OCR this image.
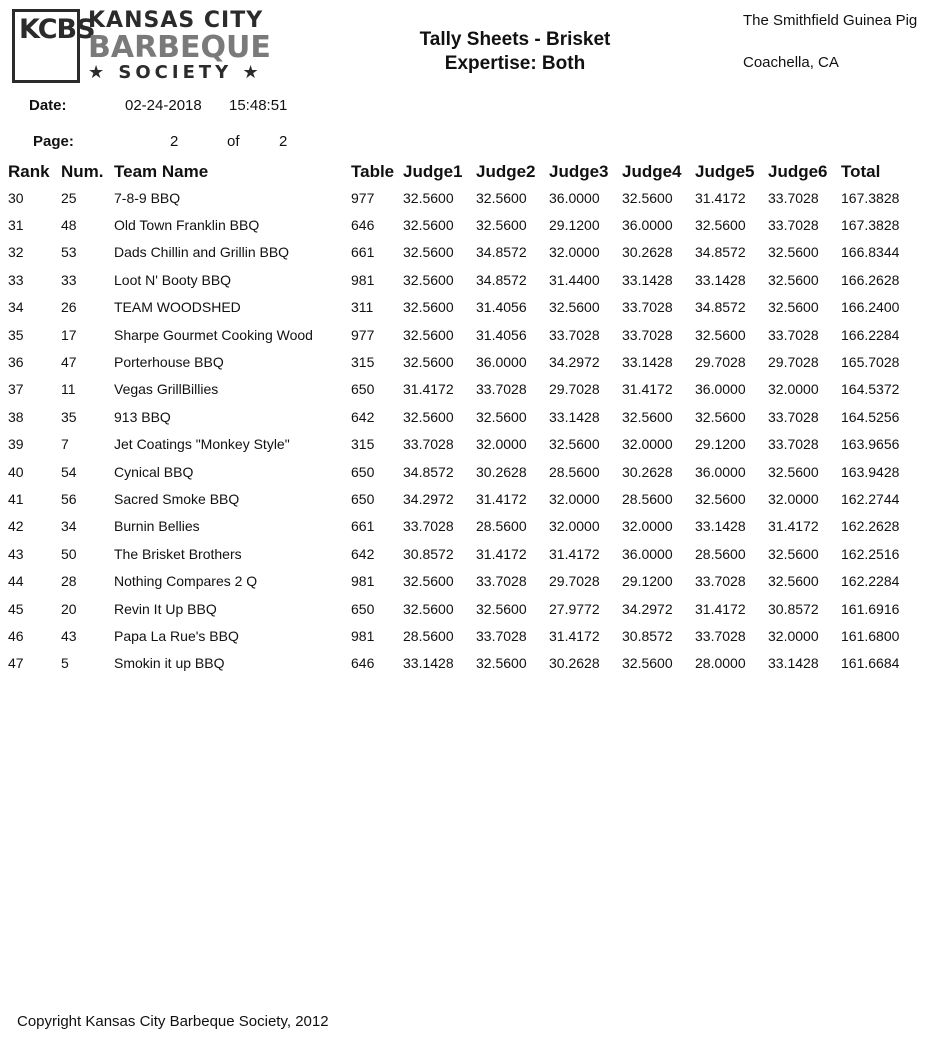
KCBS
KANSAS CITY
BARBEQUE
★ SOCIETY ★
Tally Sheets - Brisket
Expertise: Both
The Smithfield Guinea Pig
Coachella, CA
Date:	02-24-2018 15:48:51
Page:	2	of	2
Rank	Num.	Team Name	Table	Judge1	Judge2	Judge3	Judge4	Judge5	Judge6	Total
30	25	7-8-9 BBQ	977	32.5600	32.5600	36.0000	32.5600	31.4172	33.7028	167.3828
31	48	Old Town Franklin BBQ	646	32.5600	32.5600	29.1200	36.0000	32.5600	33.7028	167.3828
32	53	Dads Chillin and Grillin BBQ	661	32.5600	34.8572	32.0000	30.2628	34.8572	32.5600	166.8344
33	33	Loot N' Booty BBQ	981	32.5600	34.8572	31.4400	33.1428	33.1428	32.5600	166.2628
34	26	TEAM WOODSHED	311	32.5600	31.4056	32.5600	33.7028	34.8572	32.5600	166.2400
35	17	Sharpe Gourmet Cooking Wood	977	32.5600	31.4056	33.7028	33.7028	32.5600	33.7028	166.2284
36	47	Porterhouse BBQ	315	32.5600	36.0000	34.2972	33.1428	29.7028	29.7028	165.7028
37	11	Vegas GrillBillies	650	31.4172	33.7028	29.7028	31.4172	36.0000	32.0000	164.5372
38	35	913 BBQ	642	32.5600	32.5600	33.1428	32.5600	32.5600	33.7028	164.5256
39	7	Jet Coatings "Monkey Style"	315	33.7028	32.0000	32.5600	32.0000	29.1200	33.7028	163.9656
40	54	Cynical BBQ	650	34.8572	30.2628	28.5600	30.2628	36.0000	32.5600	163.9428
41	56	Sacred Smoke BBQ	650	34.2972	31.4172	32.0000	28.5600	32.5600	32.0000	162.2744
42	34	Burnin Bellies	661	33.7028	28.5600	32.0000	32.0000	33.1428	31.4172	162.2628
43	50	The Brisket Brothers	642	30.8572	31.4172	31.4172	36.0000	28.5600	32.5600	162.2516
44	28	Nothing Compares 2 Q	981	32.5600	33.7028	29.7028	29.1200	33.7028	32.5600	162.2284
45	20	Revin It Up BBQ	650	32.5600	32.5600	27.9772	34.2972	31.4172	30.8572	161.6916
46	43	Papa La Rue's BBQ	981	28.5600	33.7028	31.4172	30.8572	33.7028	32.0000	161.6800
47	5	Smokin it up BBQ	646	33.1428	32.5600	30.2628	32.5600	28.0000	33.1428	161.6684
Copyright Kansas City Barbeque Society, 2012
